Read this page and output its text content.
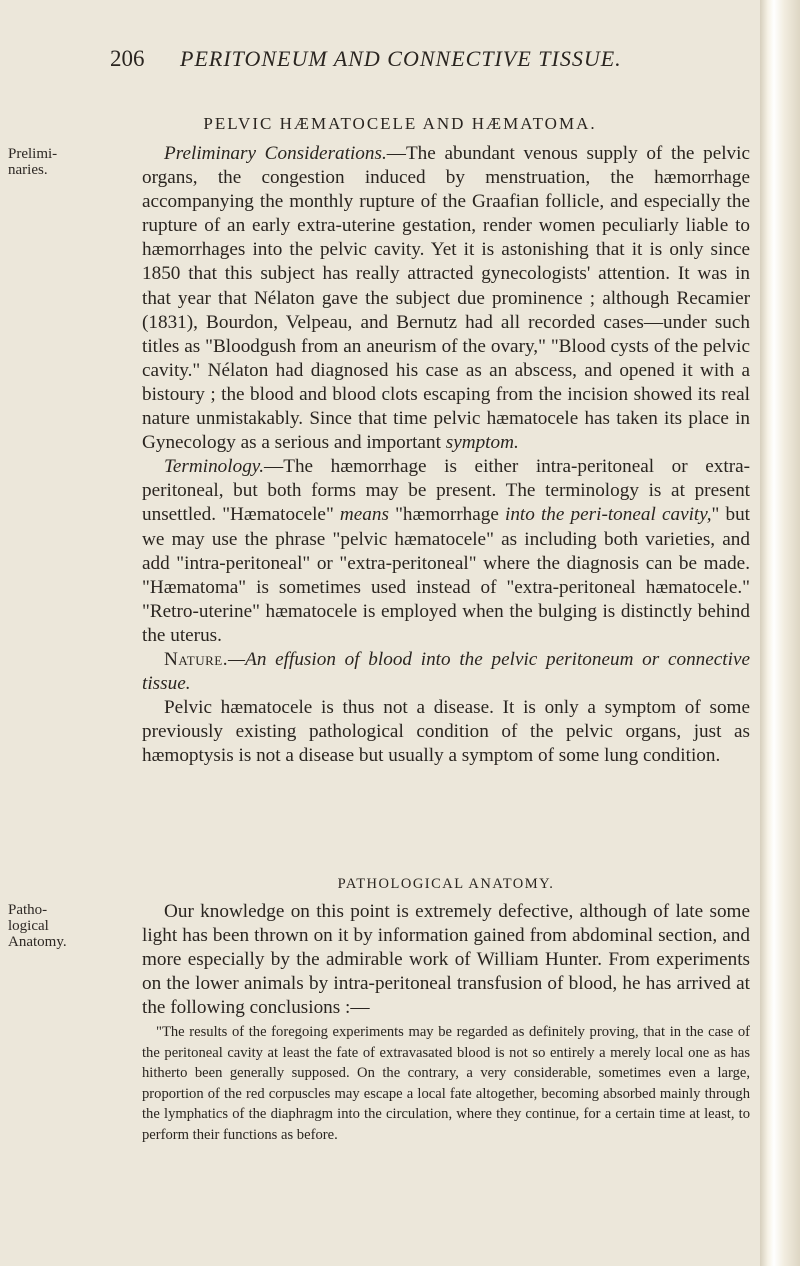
206 PERITONEUM AND CONNECTIVE TISSUE.
PELVIC HÆMATOCELE AND HÆMATOMA.
Prelimi- naries.

Preliminary Considerations.—The abundant venous supply of the pelvic organs, the congestion induced by menstruation, the hæmorrhage accompanying the monthly rupture of the Graafian follicle, and especially the rupture of an early extra-uterine gestation, render women peculiarly liable to hæmorrhages into the pelvic cavity. Yet it is astonishing that it is only since 1850 that this subject has really attracted gynecologists' attention. It was in that year that Nélaton gave the subject due prominence ; although Recamier (1831), Bourdon, Velpeau, and Bernutz had all recorded cases—under such titles as "Bloodgush from an aneurism of the ovary," "Blood cysts of the pelvic cavity." Nélaton had diagnosed his case as an abscess, and opened it with a bistoury ; the blood and blood clots escaping from the incision showed its real nature unmistakably. Since that time pelvic hæmatocele has taken its place in Gynecology as a serious and important symptom.

Terminology.—The hæmorrhage is either intra-peritoneal or extra-peritoneal, but both forms may be present. The terminology is at present unsettled. "Hæmatocele" means "hæmorrhage into the peri-toneal cavity," but we may use the phrase "pelvic hæmatocele" as including both varieties, and add "intra-peritoneal" or "extra-peritoneal" where the diagnosis can be made. "Hæmatoma" is sometimes used instead of "extra-peritoneal hæmatocele." "Retro-uterine" hæmatocele is employed when the bulging is distinctly behind the uterus.

Nature.—An effusion of blood into the pelvic peritoneum or connective tissue.

Pelvic hæmatocele is thus not a disease. It is only a symptom of some previously existing pathological condition of the pelvic organs, just as hæmoptysis is not a disease but usually a symptom of some lung condition.

PATHOLOGICAL ANATOMY.
Patho- logical Anatomy.

Our knowledge on this point is extremely defective, although of late some light has been thrown on it by information gained from abdominal section, and more especially by the admirable work of William Hunter. From experiments on the lower animals by intra-peritoneal transfusion of blood, he has arrived at the following conclusions :—

"The results of the foregoing experiments may be regarded as definitely proving, that in the case of the peritoneal cavity at least the fate of extravasated blood is not so entirely a merely local one as has hitherto been generally supposed. On the contrary, a very considerable, sometimes even a large, proportion of the red corpuscles may escape a local fate altogether, becoming absorbed mainly through the lymphatics of the diaphragm into the circulation, where they continue, for a certain time at least, to perform their functions as before.
